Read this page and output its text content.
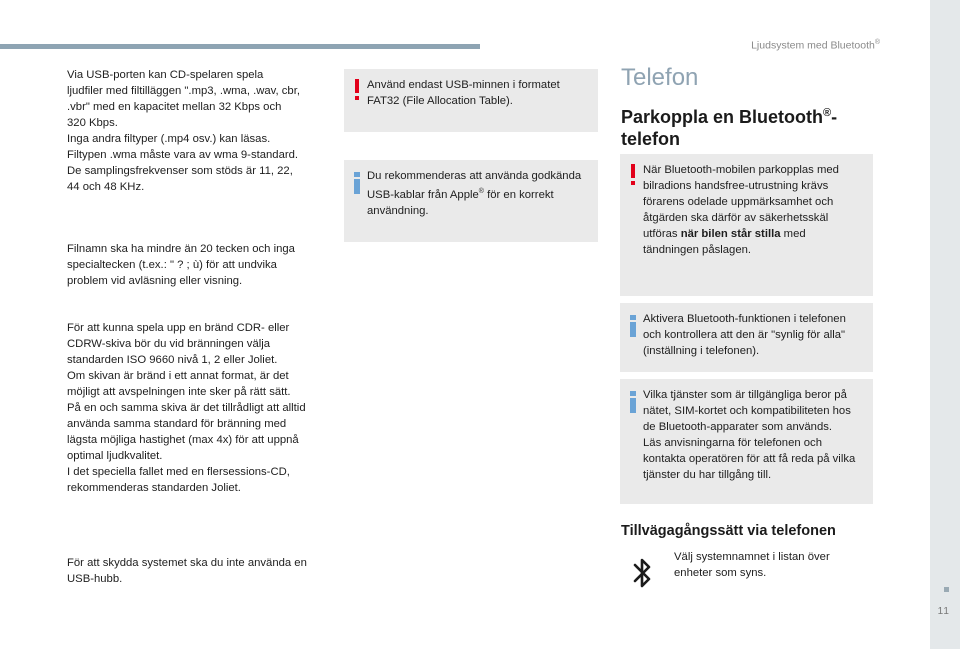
Ljudsystem med Bluetooth®
11

Via USB-porten kan CD-spelaren spela
ljudfiler med filtilläggen ".mp3, .wma, .wav, cbr,
.vbr" med en kapacitet mellan 32 Kbps och
320 Kbps.
Inga andra filtyper (.mp4 osv.) kan läsas.
Filtypen .wma måste vara av wma 9-standard.
De samplingsfrekvenser som stöds är 11, 22,
44 och 48 KHz.

Filnamn ska ha mindre än 20 tecken och inga
specialtecken (t.ex.: " ? ; ù) för att undvika
problem vid avläsning eller visning.

För att kunna spela upp en bränd CDR- eller
CDRW-skiva bör du vid bränningen välja
standarden ISO 9660 nivå 1, 2 eller Joliet.
Om skivan är bränd i ett annat format, är det
möjligt att avspelningen inte sker på rätt sätt.
På en och samma skiva är det tillrådligt att alltid
använda samma standard för bränning med
lägsta möjliga hastighet (max 4x) för att uppnå
optimal ljudkvalitet.
I det speciella fallet med en flersessions-CD,
rekommenderas standarden Joliet.

För att skydda systemet ska du inte använda en
USB-hubb.

Använd endast USB-minnen i formatet
FAT32 (File Allocation Table).
Du rekommenderas att använda godkända
USB-kablar från Apple® för en korrekt
användning.
Telefon
Parkoppla en Bluetooth®-
telefon
När Bluetooth-mobilen parkopplas med
bilradions handsfree-utrustning krävs
förarens odelade uppmärksamhet och
åtgärden ska därför av säkerhetsskäl
utföras när bilen står stilla med
tändningen påslagen.
Aktivera Bluetooth-funktionen i telefonen
och kontrollera att den är "synlig för alla"
(inställning i telefonen).
Vilka tjänster som är tillgängliga beror på
nätet, SIM-kortet och kompatibiliteten hos
de Bluetooth-apparater som används.
Läs anvisningarna för telefonen och
kontakta operatören för att få reda på vilka
tjänster du har tillgång till.
Tillvägagångssätt via telefonen
Välj systemnamnet i listan över
enheter som syns.
